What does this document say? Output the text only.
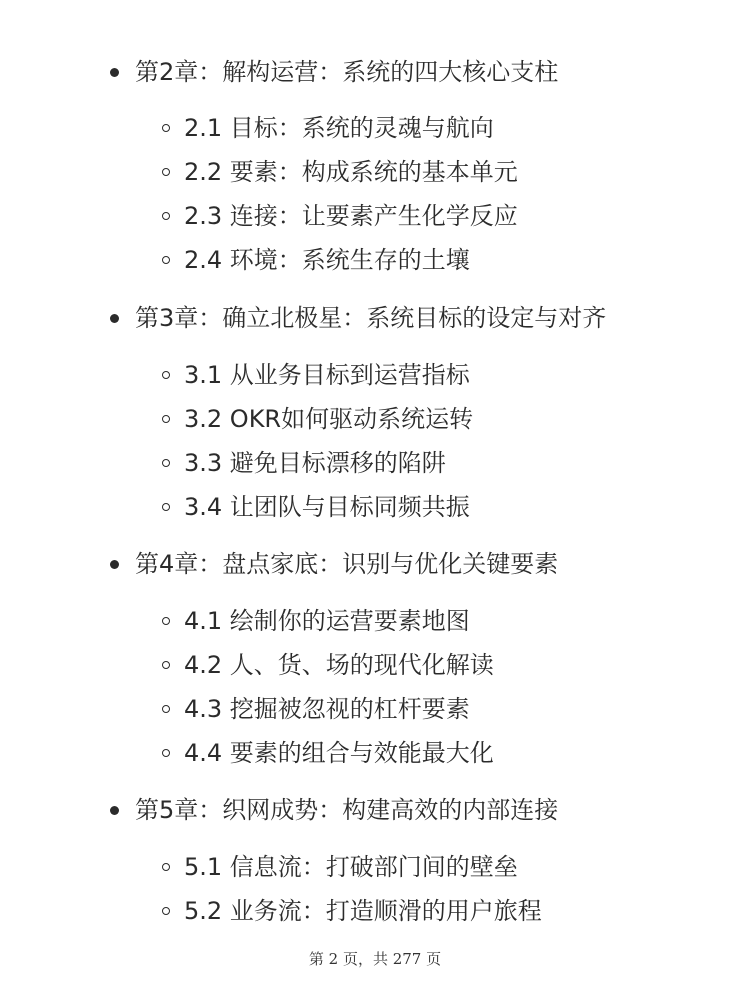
第2章：解构运营：系统的四大核心支柱
2.1 目标：系统的灵魂与航向
2.2 要素：构成系统的基本单元
2.3 连接：让要素产生化学反应
2.4 环境：系统生存的土壤
第3章：确立北极星：系统目标的设定与对齐
3.1 从业务目标到运营指标
3.2 OKR如何驱动系统运转
3.3 避免目标漂移的陷阱
3.4 让团队与目标同频共振
第4章：盘点家底：识别与优化关键要素
4.1 绘制你的运营要素地图
4.2 人、货、场的现代化解读
4.3 挖掘被忽视的杠杆要素
4.4 要素的组合与效能最大化
第5章：织网成势：构建高效的内部连接
5.1 信息流：打破部门间的壁垒
5.2 业务流：打造顺滑的用户旅程
第 2 页，共 277 页
